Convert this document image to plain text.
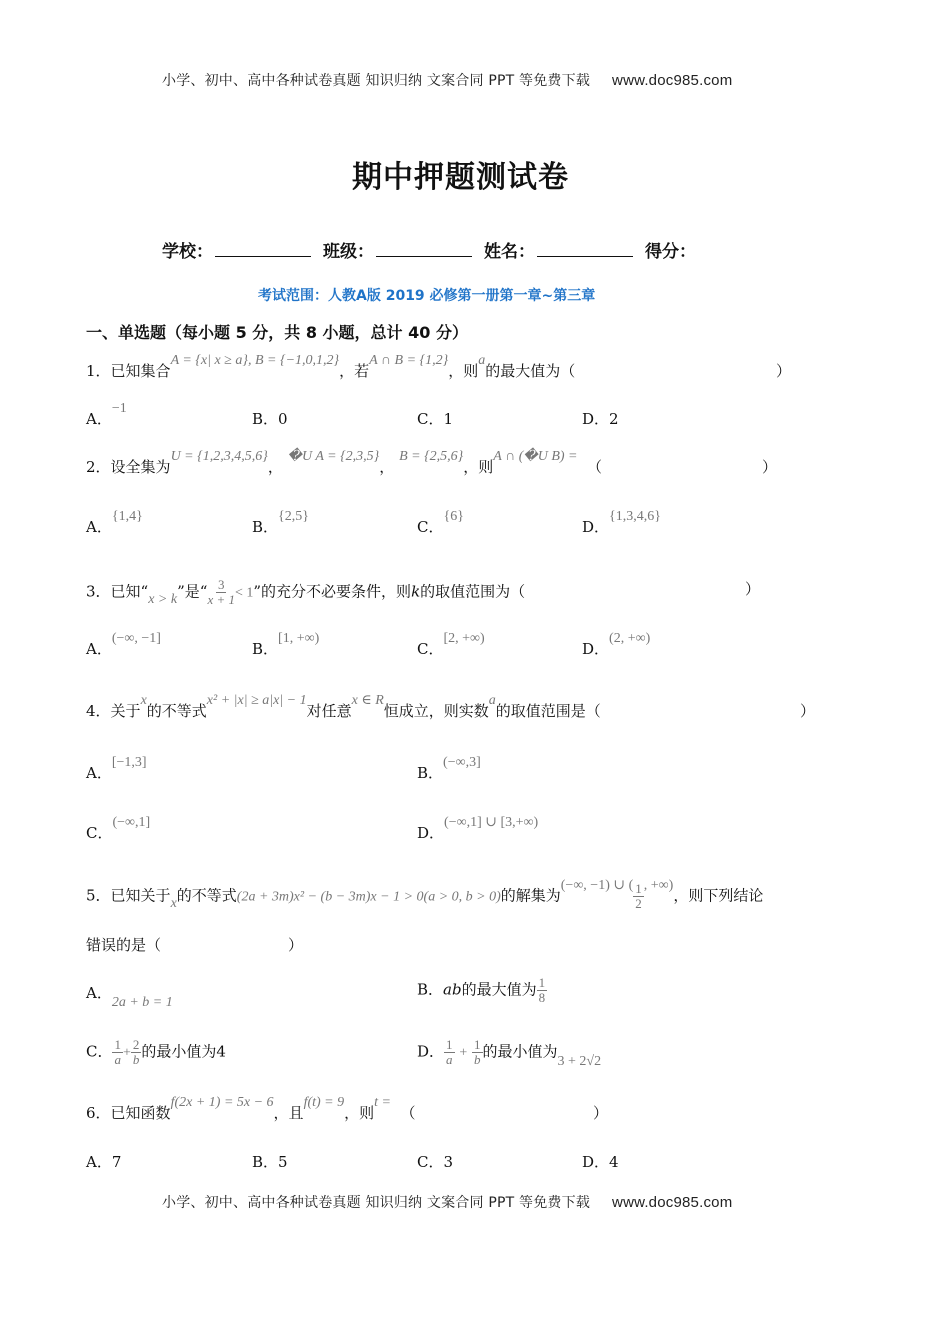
小学、初中、高中各种试卷真题 知识归纳 文案合同 PPT 等免费下载 www.doc985.com
期中押题测试卷
学校：	班级：	姓名：	得分：
考试范围：人教A版 2019 必修第一册第一章~第三章
一、单选题（每小题 5 分，共 8 小题，总计 40 分）
1．已知集合A = {x| x ≥ a}, B = {−1,0,1,2}，若A ∩ B = {1,2}，则a的最大值为（	）
A．−1
B．0	C．1	D．2
2．设全集为U = {1,2,3,4,5,6}， �U A = {2,3,5}， B = {2,5,6}，则A ∩ (�U B) =  （	）
A．{1,4}
B．{2,5}
C．{6}
D．{1,3,4,6}
3．已知“x > k”是“ $\frac{3}{x + 1} < 1$”的充分不必要条件，则k的取值范围为（	）
A．(−∞, −1]
B．[1, +∞)
C．[2, +∞)
D．(2, +∞)
4．关于x的不等式x² + |x| ≥ a|x| − 1对任意x ∈ R恒成立，则实数a的取值范围是（	）
A．[−1,3]
B．(−∞,3]
C．(−∞,1]
D．(−∞,1] ∪ [3,+∞)
5．已知关于x的不等式(2a + 3m)x² − (b − 3m)x − 1 > 0(a > 0, b > 0)的解集为(−∞, −1) ∪ ( $\frac{1}{2}$ , +∞)，则下列结论
错误的是（	）
A．2a + b = 1
B．ab的最大值为 $\frac{1}{8}$
C． $\frac{1}{a} + \frac{2}{b}$ 的最小值为4	D． $\frac{1}{a} + \frac{1}{b}$ 的最小值为3 + 2√2
6．已知函数f(2x + 1) = 5x − 6，且f(t) = 9，则t =  （	）
A．7	B．5	C．3	D．4
小学、初中、高中各种试卷真题 知识归纳 文案合同 PPT 等免费下载 www.doc985.com
